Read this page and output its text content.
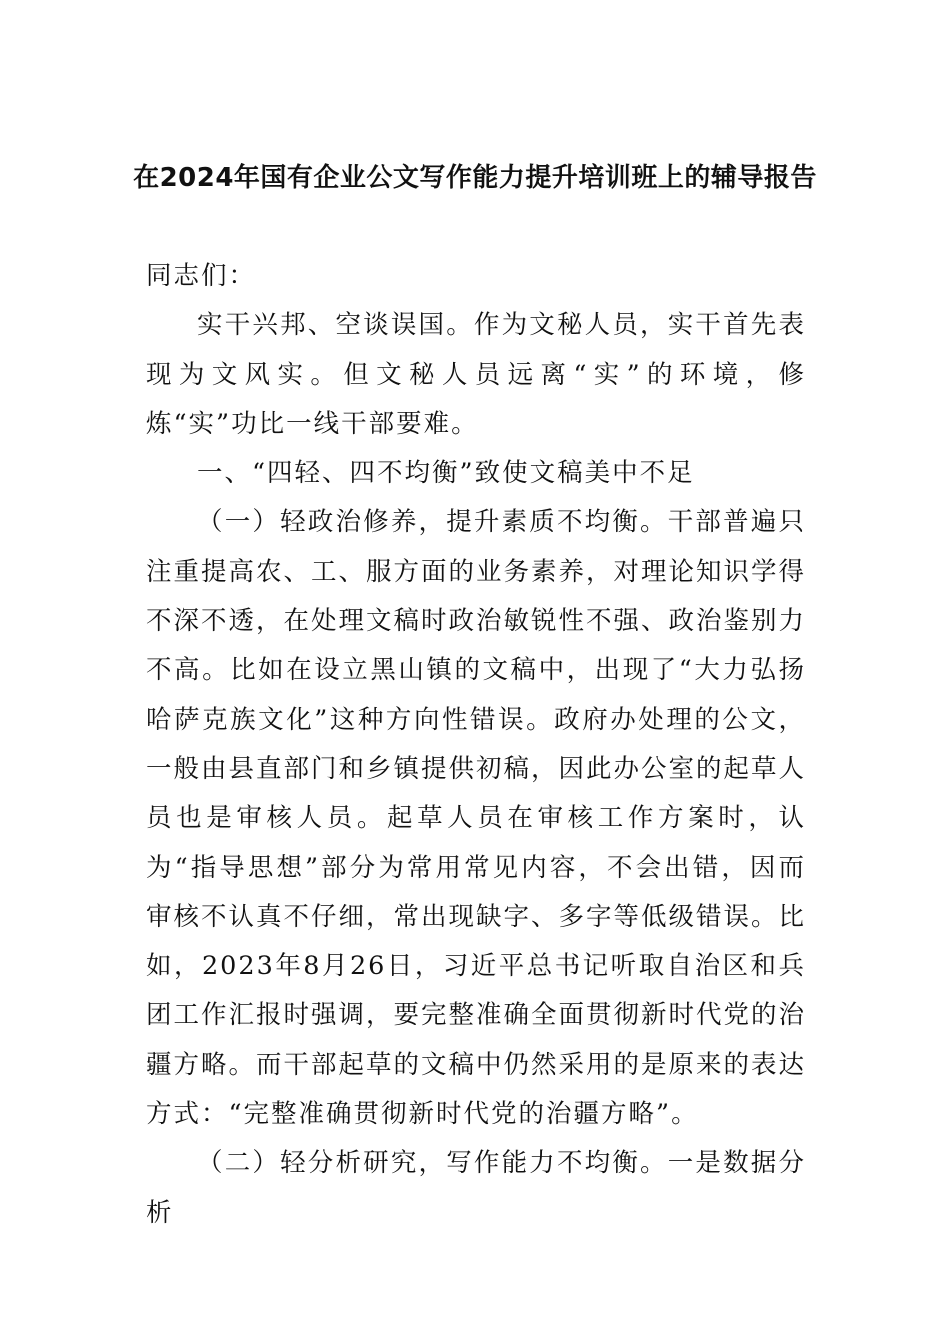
在2024年国有企业公文写作能力提升培训班上的辅导报告

同志们：

实干兴邦、空谈误国。作为文秘人员，实干首先表现为文风实。但文秘人员远离“实”的环境，修炼“实”功比一线干部要难。

一、“四轻、四不均衡”致使文稿美中不足

（一）轻政治修养，提升素质不均衡。干部普遍只注重提高农、工、服方面的业务素养，对理论知识学得不深不透，在处理文稿时政治敏锐性不强、政治鉴别力不高。比如在设立黑山镇的文稿中，出现了“大力弘扬哈萨克族文化”这种方向性错误。政府办处理的公文，一般由县直部门和乡镇提供初稿，因此办公室的起草人员也是审核人员。起草人员在审核工作方案时，认为“指导思想”部分为常用常见内容，不会出错，因而审核不认真不仔细，常出现缺字、多字等低级错误。比如，2023年8月26日，习近平总书记听取自治区和兵团工作汇报时强调，要完整准确全面贯彻新时代党的治疆方略。而干部起草的文稿中仍然采用的是原来的表达方式：“完整准确贯彻新时代党的治疆方略”。

（二）轻分析研究，写作能力不均衡。一是数据分析
